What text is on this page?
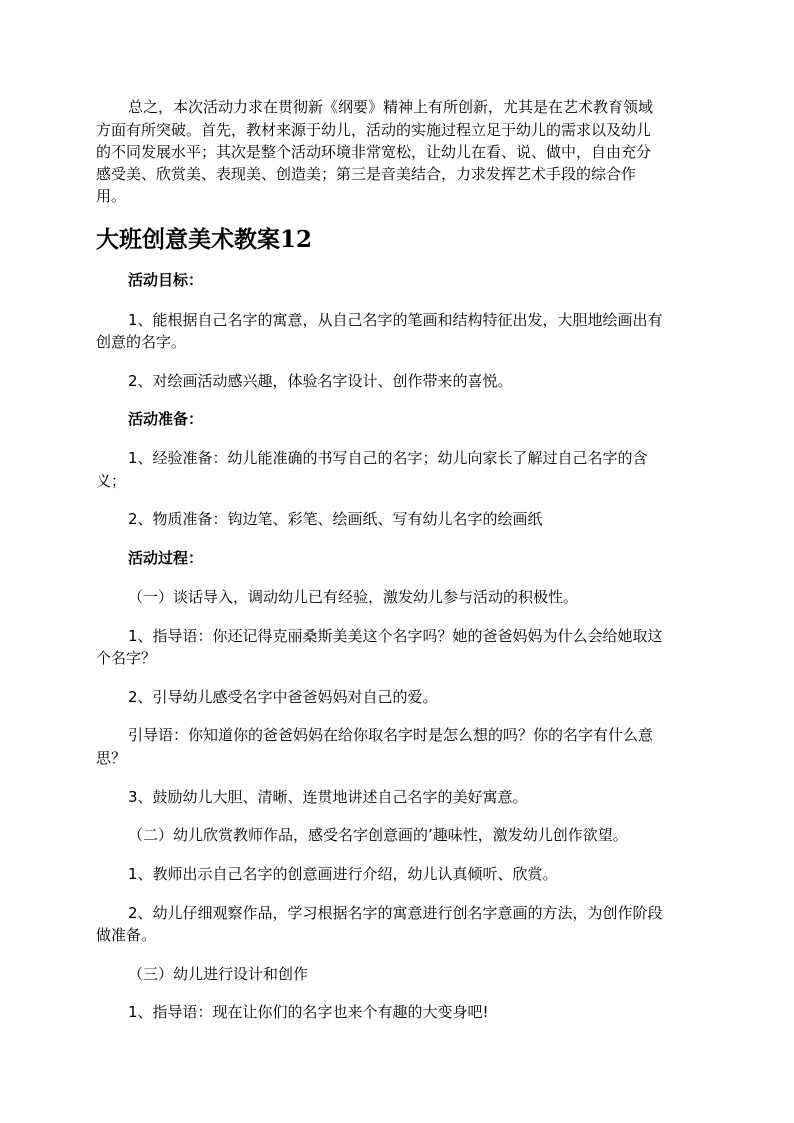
总之，本次活动力求在贯彻新《纲要》精神上有所创新，尤其是在艺术教育领域

方面有所突破。首先，教材来源于幼儿，活动的实施过程立足于幼儿的需求以及幼儿

的不同发展水平；其次是整个活动环境非常宽松，让幼儿在看、说、做中，自由充分

感受美、欣赏美、表现美、创造美；第三是音美结合，力求发挥艺术手段的综合作

用。

大班创意美术教案12

活动目标：

1、能根据自己名字的寓意，从自己名字的笔画和结构特征出发，大胆地绘画出有

创意的名字。

2、对绘画活动感兴趣，体验名字设计、创作带来的喜悦。

活动准备：

1、经验准备：幼儿能准确的书写自己的名字；幼儿向家长了解过自己名字的含

义；

2、物质准备：钩边笔、彩笔、绘画纸、写有幼儿名字的绘画纸

活动过程：

（一）谈话导入，调动幼儿已有经验，激发幼儿参与活动的积极性。

1、指导语：你还记得克丽桑斯美美这个名字吗？她的爸爸妈妈为什么会给她取这

个名字？

2、引导幼儿感受名字中爸爸妈妈对自己的爱。

引导语：你知道你的爸爸妈妈在给你取名字时是怎么想的吗？你的名字有什么意

思？

3、鼓励幼儿大胆、清晰、连贯地讲述自己名字的美好寓意。

（二）幼儿欣赏教师作品，感受名字创意画的’趣味性，激发幼儿创作欲望。

1、教师出示自己名字的创意画进行介绍，幼儿认真倾听、欣赏。

2、幼儿仔细观察作品，学习根据名字的寓意进行创名字意画的方法，为创作阶段

做准备。

（三）幼儿进行设计和创作

1、指导语：现在让你们的名字也来个有趣的大变身吧!
